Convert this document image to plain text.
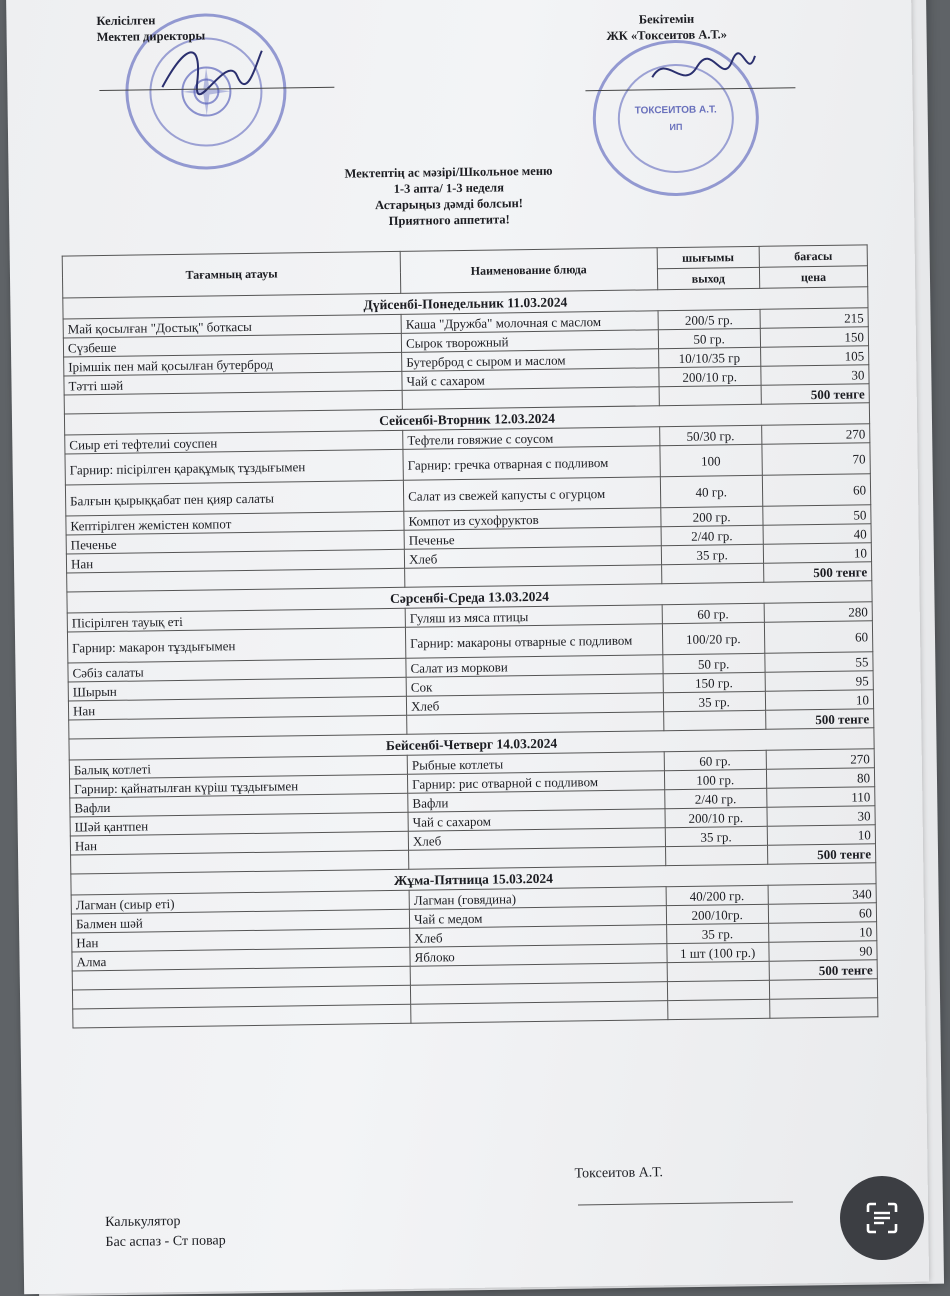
Келісілген
Мектеп директоры
ТОКСЕИТОВ А.Т.
ИП
Бекітемін
ЖК «Токсеитов А.Т.»
Мектептің ас мәзірі/Школьное меню
1-3 апта/ 1-3 неделя
Астарыңыз дәмді болсын!
Приятного аппетита!
Тағамның атауы	Наименование блюда	шығымы	бағасы
		выход	цена
Дүйсенбі-Понедельник 11.03.2024			
Май қосылған "Достық" боткасы	Каша "Дружба" молочная с маслом	200/5 гр.	215
Сүзбеше	Сырок творожный	50 гр.	150
Ірімшік пен май қосылған бутерброд	Бутерброд с сыром и маслом	10/10/35 гр	105
Тәтті шәй	Чай с сахаром	200/10 гр.	30
			500 тенге
Сейсенбі-Вторник 12.03.2024			
Сиыр еті тефтелиі соуспен	Тефтели говяжие с соусом	50/30 гр.	270
Гарнир: пісірілген қарақұмық тұздығымен	Гарнир: гречка отварная с подливом	100	70
Балғын қырыққабат пен қияр салаты	Салат из свежей капусты с огурцом	40 гр.	60
Кептірілген жемістен компот	Компот из сухофруктов	200 гр.	50
Печенье	Печенье	2/40 гр.	40
Нан	Хлеб	35 гр.	10
			500 тенге
Сәрсенбі-Среда 13.03.2024			
Пісірілген тауық еті	Гуляш из мяса птицы	60 гр.	280
Гарнир: макарон тұздығымен	Гарнир: макароны отварные с подливом	100/20 гр.	60
Сәбіз салаты	Салат из моркови	50 гр.	55
Шырын	Сок	150 гр.	95
Нан	Хлеб	35 гр.	10
			500 тенге
Бейсенбі-Четверг 14.03.2024			
Балық котлеті	Рыбные котлеты	60 гр.	270
Гарнир: қайнатылған күріш тұздығымен	Гарнир: рис отварной с подливом	100 гр.	80
Вафли	Вафли	2/40 гр.	110
Шәй қантпен	Чай с сахаром	200/10 гр.	30
Нан	Хлеб	35 гр.	10
			500 тенге
Жұма-Пятница 15.03.2024			
Лагман (сиыр еті)	Лагман (говядина)	40/200 гр.	340
Балмен шәй	Чай с медом	200/10гр.	60
Нан	Хлеб	35 гр.	10
Алма	Яблоко	1 шт (100 гр.)	90
			500 тенге

Калькулятор
Бас аспаз - Ст повар
Токсеитов А.Т.
